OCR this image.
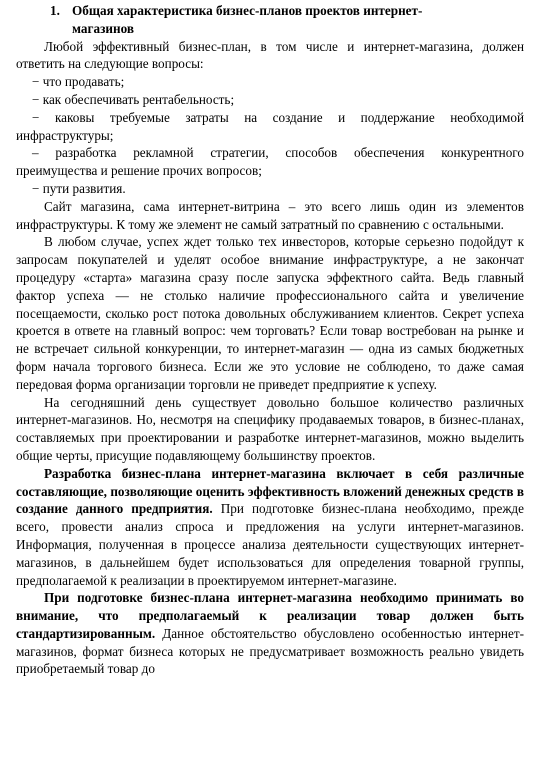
1. Общая характеристика бизнес-планов проектов интернет-
магазинов

Любой эффективный бизнес-план, в том числе и интернет-магазина, должен ответить на следующие вопросы:

− что продавать;

− как обеспечивать рентабельность;

− каковы требуемые затраты на создание и поддержание необходимой инфраструктуры;

– разработка рекламной стратегии, способов обеспечения конкурентного преимущества и решение прочих вопросов;

− пути развития.

Сайт магазина, сама интернет-витрина – это всего лишь один из элементов инфраструктуры. К тому же элемент не самый затратный по сравнению с остальными.

В любом случае, успех ждет только тех инвесторов, которые серьезно подойдут к запросам покупателей и уделят особое внимание инфраструктуре, а не закончат процедуру «старта» магазина сразу после запуска эффектного сайта. Ведь главный фактор успеха — не столько наличие профессионального сайта и увеличение посещаемости, сколько рост потока довольных обслуживанием клиентов. Секрет успеха кроется в ответе на главный вопрос: чем торговать? Если товар востребован на рынке и не встречает сильной конкуренции, то интернет-магазин — одна из самых бюджетных форм начала торгового бизнеса. Если же это условие не соблюдено, то даже самая передовая форма организации торговли не приведет предприятие к успеху.

На сегодняшний день существует довольно большое количество различных интернет-магазинов. Но, несмотря на специфику продаваемых товаров, в бизнес-планах, составляемых при проектировании и разработке интернет-магазинов, можно выделить общие черты, присущие подавляющему большинству проектов.

Разработка бизнес-плана интернет-магазина включает в себя различные составляющие, позволяющие оценить эффективность вложений денежных средств в создание данного предприятия. При подготовке бизнес-плана необходимо, прежде всего, провести анализ спроса и предложения на услуги интернет-магазинов. Информация, полученная в процессе анализа деятельности существующих интернет-магазинов, в дальнейшем будет использоваться для определения товарной группы, предполагаемой к реализации в проектируемом интернет-магазине.

При подготовке бизнес-плана интернет-магазина необходимо принимать во внимание, что предполагаемый к реализации товар должен быть стандартизированным. Данное обстоятельство обусловлено особенностью интернет-магазинов, формат бизнеса которых не предусматривает возможность реально увидеть приобретаемый товар до
